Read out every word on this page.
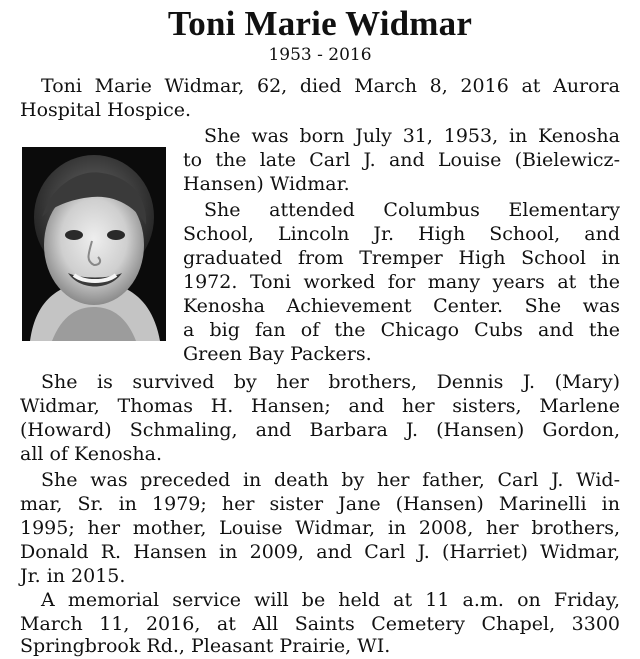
Toni Marie Widmar
1953 - 2016
Toni Marie Widmar, 62, died March 8, 2016 at Aurora
Hospital Hospice.
She was born July 31, 1953, in Kenosha
to the late Carl J. and Louise (Bielewicz-
Hansen) Widmar.
She attended Columbus Elementary
School, Lincoln Jr. High School, and
graduated from Tremper High School in
1972. Toni worked for many years at the
Kenosha Achievement Center. She was
a big fan of the Chicago Cubs and the
Green Bay Packers.
She is survived by her brothers, Dennis J. (Mary)
Widmar, Thomas H. Hansen; and her sisters, Marlene
(Howard) Schmaling, and Barbara J. (Hansen) Gordon,
all of Kenosha.
She was preceded in death by her father, Carl J. Wid-
mar, Sr. in 1979; her sister Jane (Hansen) Marinelli in
1995; her mother, Louise Widmar, in 2008, her brothers,
Donald R. Hansen in 2009, and Carl J. (Harriet) Widmar,
Jr. in 2015.
A memorial service will be held at 11 a.m. on Friday,
March 11, 2016, at All Saints Cemetery Chapel, 3300
Springbrook Rd., Pleasant Prairie, WI.
